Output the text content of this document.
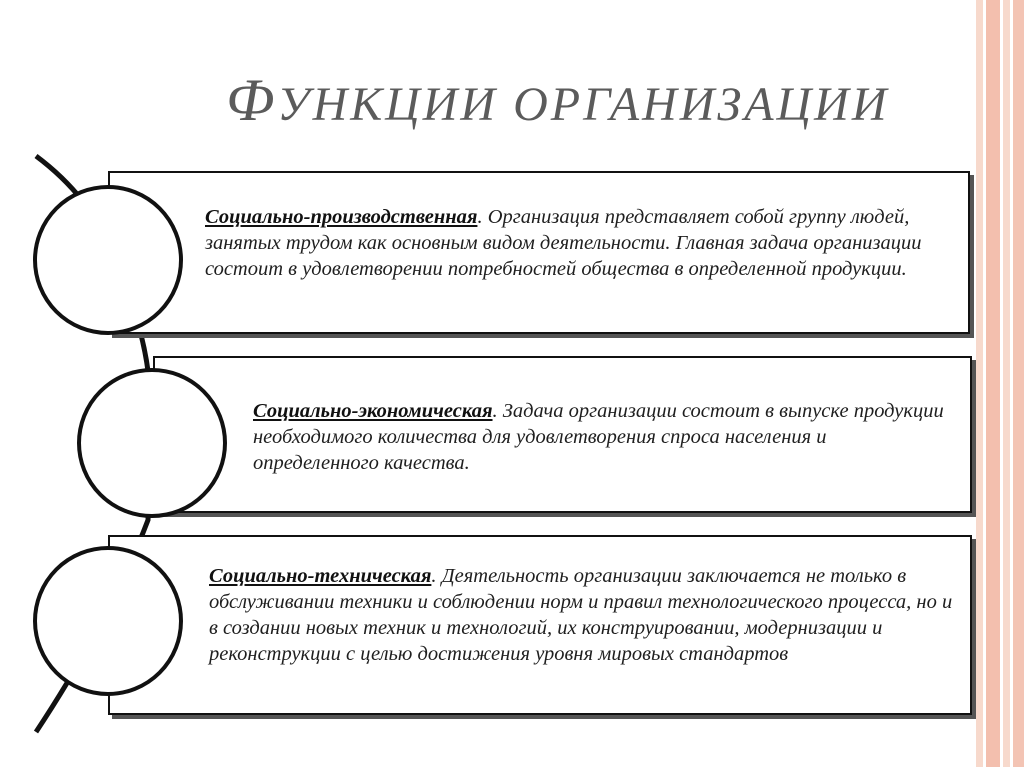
ФУНКЦИИ ОРГАНИЗАЦИИ

Социально-производственная. Организация представляет собой группу людей, занятых трудом как основным видом деятельности. Главная задача организации состоит в удовлетворении потребностей общества в определенной продукции.

Социально-экономическая. Задача организации состоит в выпуске продукции необходимого количества для удовлетворения спроса населения и определенного качества.

Социально-техническая. Деятельность организации заключается не только в обслуживании техники и соблюдении норм и правил технологического процесса, но и в создании новых техник и технологий, их конструировании, модернизации и реконструкции с целью достижения уровня мировых стандартов
